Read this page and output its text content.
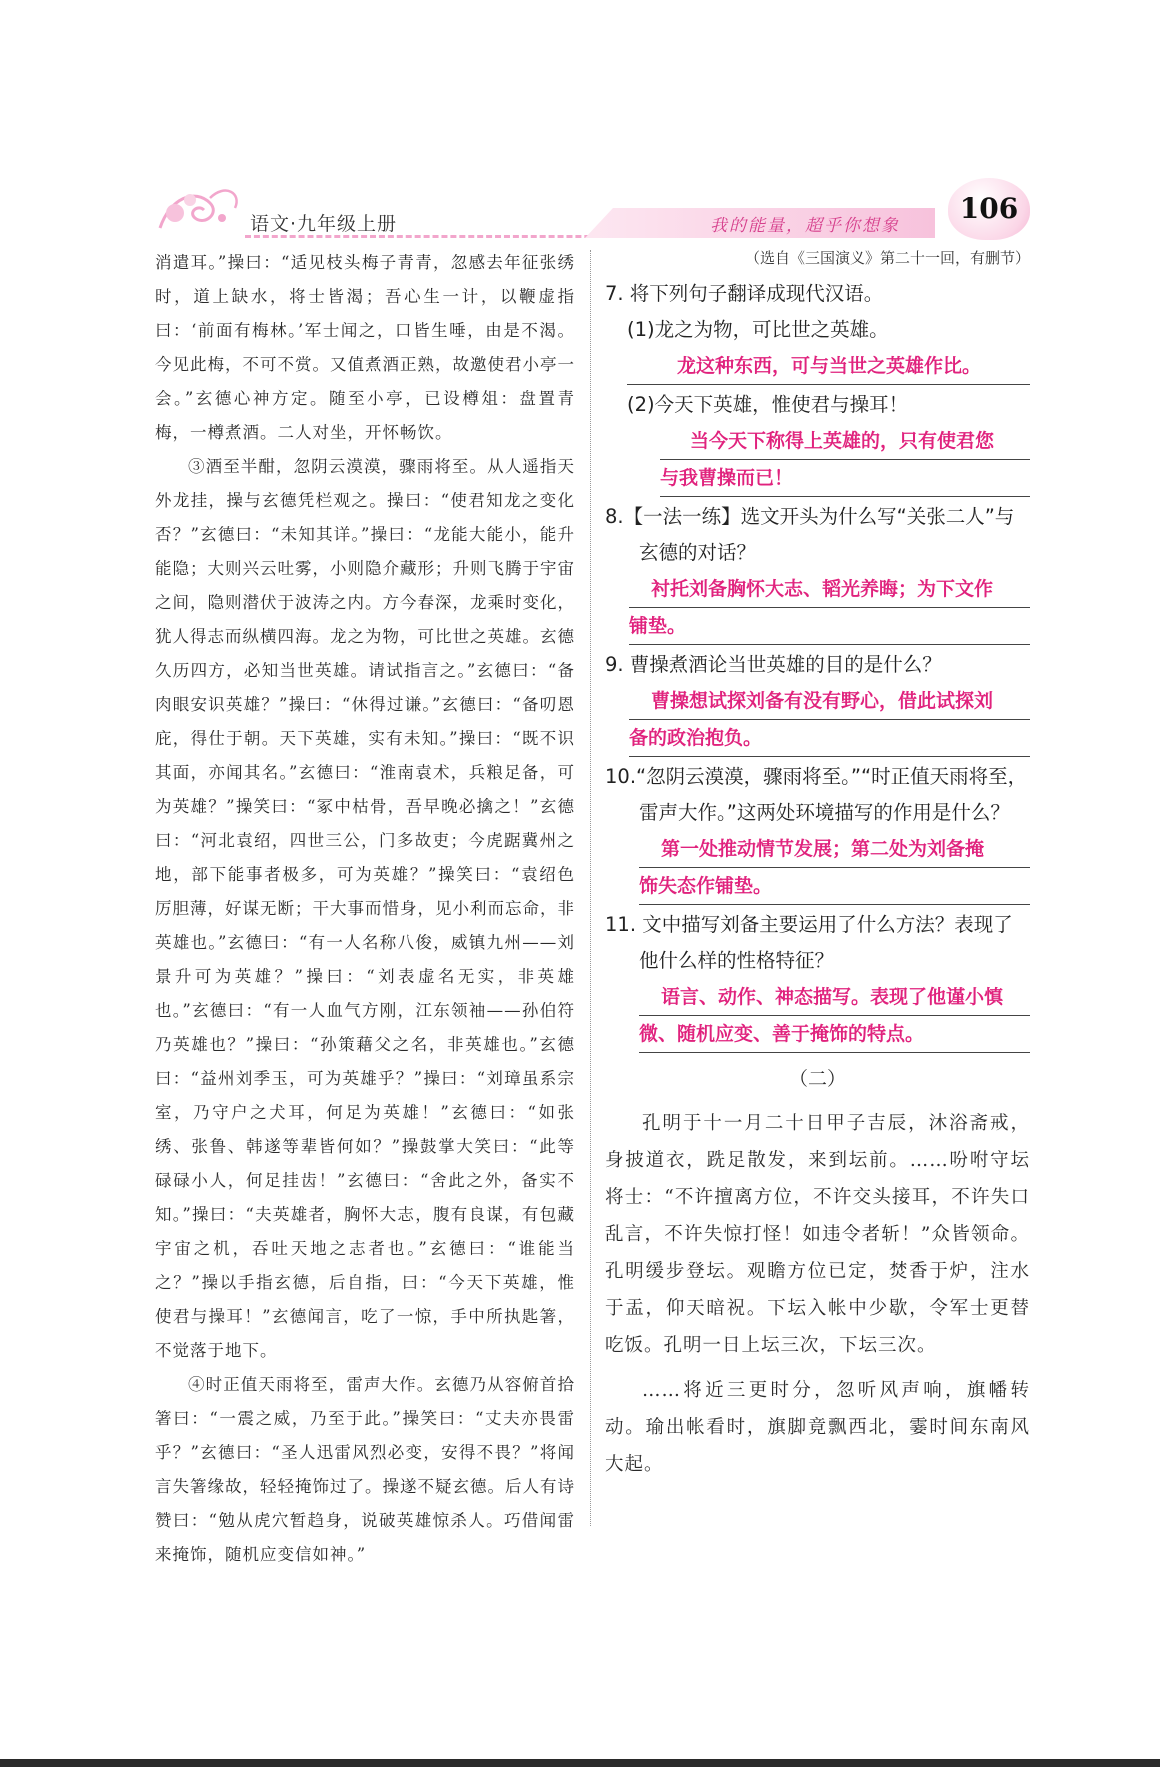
语文·九年级上册	我的能量，超乎你想象
106

消遣耳。”操曰：“适见枝头梅子青青，忽感去年征张绣时，道上缺水，将士皆渴；吾心生一计，以鞭虚指曰：‘前面有梅林。’军士闻之，口皆生唾，由是不渴。今见此梅，不可不赏。又值煮酒正熟，故邀使君小亭一会。”玄德心神方定。随至小亭，已设樽俎：盘置青梅，一樽煮酒。二人对坐，开怀畅饮。

③酒至半酣，忽阴云漠漠，骤雨将至。从人遥指天外龙挂，操与玄德凭栏观之。操曰：“使君知龙之变化否？”玄德曰：“未知其详。”操曰：“龙能大能小，能升能隐；大则兴云吐雾，小则隐介藏形；升则飞腾于宇宙之间，隐则潜伏于波涛之内。方今春深，龙乘时变化，犹人得志而纵横四海。龙之为物，可比世之英雄。玄德久历四方，必知当世英雄。请试指言之。”玄德曰：“备肉眼安识英雄？”操曰：“休得过谦。”玄德曰：“备叨恩庇，得仕于朝。天下英雄，实有未知。”操曰：“既不识其面，亦闻其名。”玄德曰：“淮南袁术，兵粮足备，可为英雄？”操笑曰：“冢中枯骨，吾早晚必擒之！”玄德曰：“河北袁绍，四世三公，门多故吏；今虎踞冀州之地，部下能事者极多，可为英雄？”操笑曰：“袁绍色厉胆薄，好谋无断；干大事而惜身，见小利而忘命，非英雄也。”玄德曰：“有一人名称八俊，威镇九州——刘景升可为英雄？”操曰：“刘表虚名无实，非英雄也。”玄德曰：“有一人血气方刚，江东领袖——孙伯符乃英雄也？”操曰：“孙策藉父之名，非英雄也。”玄德曰：“益州刘季玉，可为英雄乎？”操曰：“刘璋虽系宗室，乃守户之犬耳，何足为英雄！”玄德曰：“如张绣、张鲁、韩遂等辈皆何如？”操鼓掌大笑曰：“此等碌碌小人，何足挂齿！”玄德曰：“舍此之外，备实不知。”操曰：“夫英雄者，胸怀大志，腹有良谋，有包藏宇宙之机，吞吐天地之志者也。”玄德曰：“谁能当之？”操以手指玄德，后自指，曰：“今天下英雄，惟使君与操耳！”玄德闻言，吃了一惊，手中所执匙箸，不觉落于地下。

④时正值天雨将至，雷声大作。玄德乃从容俯首拾箸曰：“一震之威，乃至于此。”操笑曰：“丈夫亦畏雷乎？”玄德曰：“圣人迅雷风烈必变，安得不畏？”将闻言失箸缘故，轻轻掩饰过了。操遂不疑玄德。后人有诗赞曰：“勉从虎穴暂趋身，说破英雄惊杀人。巧借闻雷来掩饰，随机应变信如神。”

（选自《三国演义》第二十一回，有删节）

7. 将下列句子翻译成现代汉语。

(1)龙之为物，可比世之英雄。

龙这种东西，可与当世之英雄作比。

(2)今天下英雄，惟使君与操耳！

当今天下称得上英雄的，只有使君您
与我曹操而已！

8.【一法一练】选文开头为什么写“关张二人”与玄德的对话？

衬托刘备胸怀大志、韬光养晦；为下文作
铺垫。

9. 曹操煮酒论当世英雄的目的是什么？

曹操想试探刘备有没有野心，借此试探刘
备的政治抱负。

10.“忽阴云漠漠，骤雨将至。”“时正值天雨将至，雷声大作。”这两处环境描写的作用是什么？

第一处推动情节发展；第二处为刘备掩
饰失态作铺垫。

11. 文中描写刘备主要运用了什么方法？表现了他什么样的性格特征？

语言、动作、神态描写。表现了他谨小慎
微、随机应变、善于掩饰的特点。
（二）

孔明于十一月二十日甲子吉辰，沐浴斋戒，身披道衣，跣足散发，来到坛前。……吩咐守坛将士：“不许擅离方位，不许交头接耳，不许失口乱言，不许失惊打怪！如违令者斩！”众皆领命。孔明缓步登坛。观瞻方位已定，焚香于炉，注水于盂，仰天暗祝。下坛入帐中少歇，令军士更替吃饭。孔明一日上坛三次，下坛三次。

……将近三更时分，忽听风声响，旗幡转动。瑜出帐看时，旗脚竟飘西北，霎时间东南风大起。
